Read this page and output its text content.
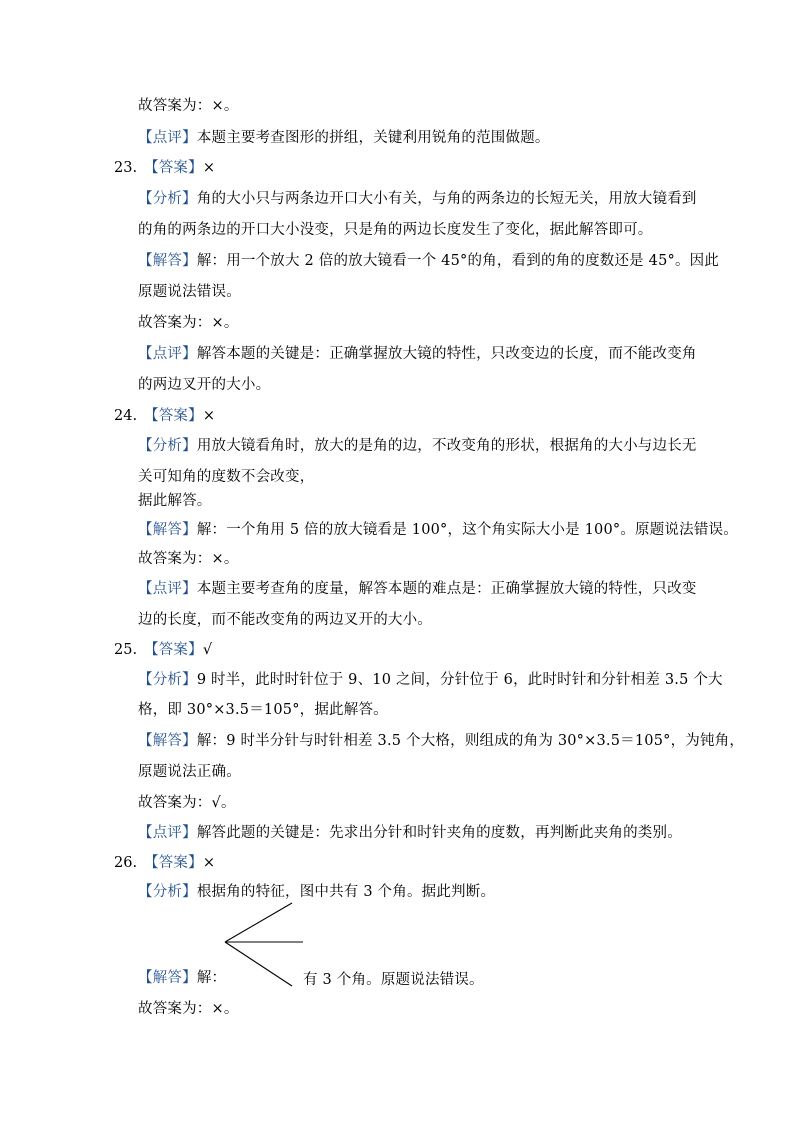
故答案为：×。
【点评】本题主要考查图形的拼组，关键利用锐角的范围做题。
23. 【答案】×
【分析】角的大小只与两条边开口大小有关，与角的两条边的长短无关，用放大镜看到
的角的两条边的开口大小没变，只是角的两边长度发生了变化，据此解答即可。
【解答】解：用一个放大 2 倍的放大镜看一个 45°的角，看到的角的度数还是 45°。因此
原题说法错误。
故答案为：×。
【点评】解答本题的关键是：正确掌握放大镜的特性，只改变边的长度，而不能改变角
的两边叉开的大小。
24. 【答案】×
【分析】用放大镜看角时，放大的是角的边，不改变角的形状，根据角的大小与边长无
关可知角的度数不会改变，
据此解答。
【解答】解：一个角用 5 倍的放大镜看是 100°，这个角实际大小是 100°。原题说法错误。
故答案为：×。
【点评】本题主要考查角的度量，解答本题的难点是：正确掌握放大镜的特性，只改变
边的长度，而不能改变角的两边叉开的大小。
25. 【答案】√
【分析】9 时半，此时时针位于 9、10 之间，分针位于 6，此时时针和分针相差 3.5 个大
格，即 30°×3.5＝105°，据此解答。
【解答】解：9 时半分针与时针相差 3.5 个大格，则组成的角为 30°×3.5＝105°，为钝角，
原题说法正确。
故答案为：√。
【点评】解答此题的关键是：先求出分针和时针夹角的度数，再判断此夹角的类别。
26. 【答案】×
【分析】根据角的特征，图中共有 3 个角。据此判断。
【解答】解：	有 3 个角。原题说法错误。
故答案为：×。
